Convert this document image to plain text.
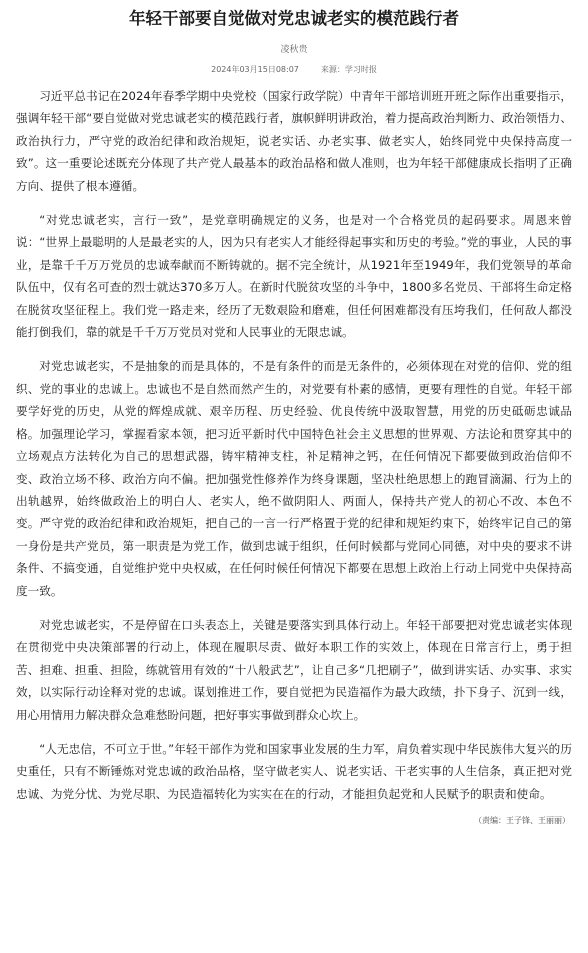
年轻干部要自觉做对党忠诚老实的模范践行者
凌秋贵
2024年03月15日08:07	来源：学习时报

习近平总书记在2024年春季学期中央党校（国家行政学院）中青年干部培训班开班之际作出重要指示，强调年轻干部“要自觉做对党忠诚老实的模范践行者，旗帜鲜明讲政治，着力提高政治判断力、政治领悟力、政治执行力，严守党的政治纪律和政治规矩，说老实话、办老实事、做老实人，始终同党中央保持高度一致”。这一重要论述既充分体现了共产党人最基本的政治品格和做人准则，也为年轻干部健康成长指明了正确方向、提供了根本遵循。

“对党忠诚老实，言行一致”，是党章明确规定的义务，也是对一个合格党员的起码要求。周恩来曾说：“世界上最聪明的人是最老实的人，因为只有老实人才能经得起事实和历史的考验。”党的事业，人民的事业，是靠千千万万党员的忠诚奉献而不断铸就的。据不完全统计，从1921年至1949年，我们党领导的革命队伍中，仅有名可查的烈士就达370多万人。在新时代脱贫攻坚的斗争中，1800多名党员、干部将生命定格在脱贫攻坚征程上。我们党一路走来，经历了无数艰险和磨难，但任何困难都没有压垮我们，任何敌人都没能打倒我们，靠的就是千千万万党员对党和人民事业的无限忠诚。

对党忠诚老实，不是抽象的而是具体的，不是有条件的而是无条件的，必须体现在对党的信仰、党的组织、党的事业的忠诚上。忠诚也不是自然而然产生的，对党要有朴素的感情，更要有理性的自觉。年轻干部要学好党的历史，从党的辉煌成就、艰辛历程、历史经验、优良传统中汲取智慧，用党的历史砥砺忠诚品格。加强理论学习，掌握看家本领，把习近平新时代中国特色社会主义思想的世界观、方法论和贯穿其中的立场观点方法转化为自己的思想武器，铸牢精神支柱，补足精神之钙，在任何情况下都要做到政治信仰不变、政治立场不移、政治方向不偏。把加强党性修养作为终身课题，坚决杜绝思想上的跑冒滴漏、行为上的出轨越界，始终做政治上的明白人、老实人，绝不做阴阳人、两面人，保持共产党人的初心不改、本色不变。严守党的政治纪律和政治规矩，把自己的一言一行严格置于党的纪律和规矩约束下，始终牢记自己的第一身份是共产党员，第一职责是为党工作，做到忠诚于组织，任何时候都与党同心同德，对中央的要求不讲条件、不搞变通，自觉维护党中央权威，在任何时候任何情况下都要在思想上政治上行动上同党中央保持高度一致。

对党忠诚老实，不是停留在口头表态上，关键是要落实到具体行动上。年轻干部要把对党忠诚老实体现在贯彻党中央决策部署的行动上，体现在履职尽责、做好本职工作的实效上，体现在日常言行上，勇于担苦、担难、担重、担险，练就管用有效的“十八般武艺”，让自己多“几把刷子”，做到讲实话、办实事、求实效，以实际行动诠释对党的忠诚。谋划推进工作，要自觉把为民造福作为最大政绩，扑下身子、沉到一线，用心用情用力解决群众急难愁盼问题，把好事实事做到群众心坎上。

“人无忠信，不可立于世。”年轻干部作为党和国家事业发展的生力军，肩负着实现中华民族伟大复兴的历史重任，只有不断锤炼对党忠诚的政治品格，坚守做老实人、说老实话、干老实事的人生信条，真正把对党忠诚、为党分忧、为党尽职、为民造福转化为实实在在的行动，才能担负起党和人民赋予的职责和使命。

（责编：王子锋、王丽丽）
